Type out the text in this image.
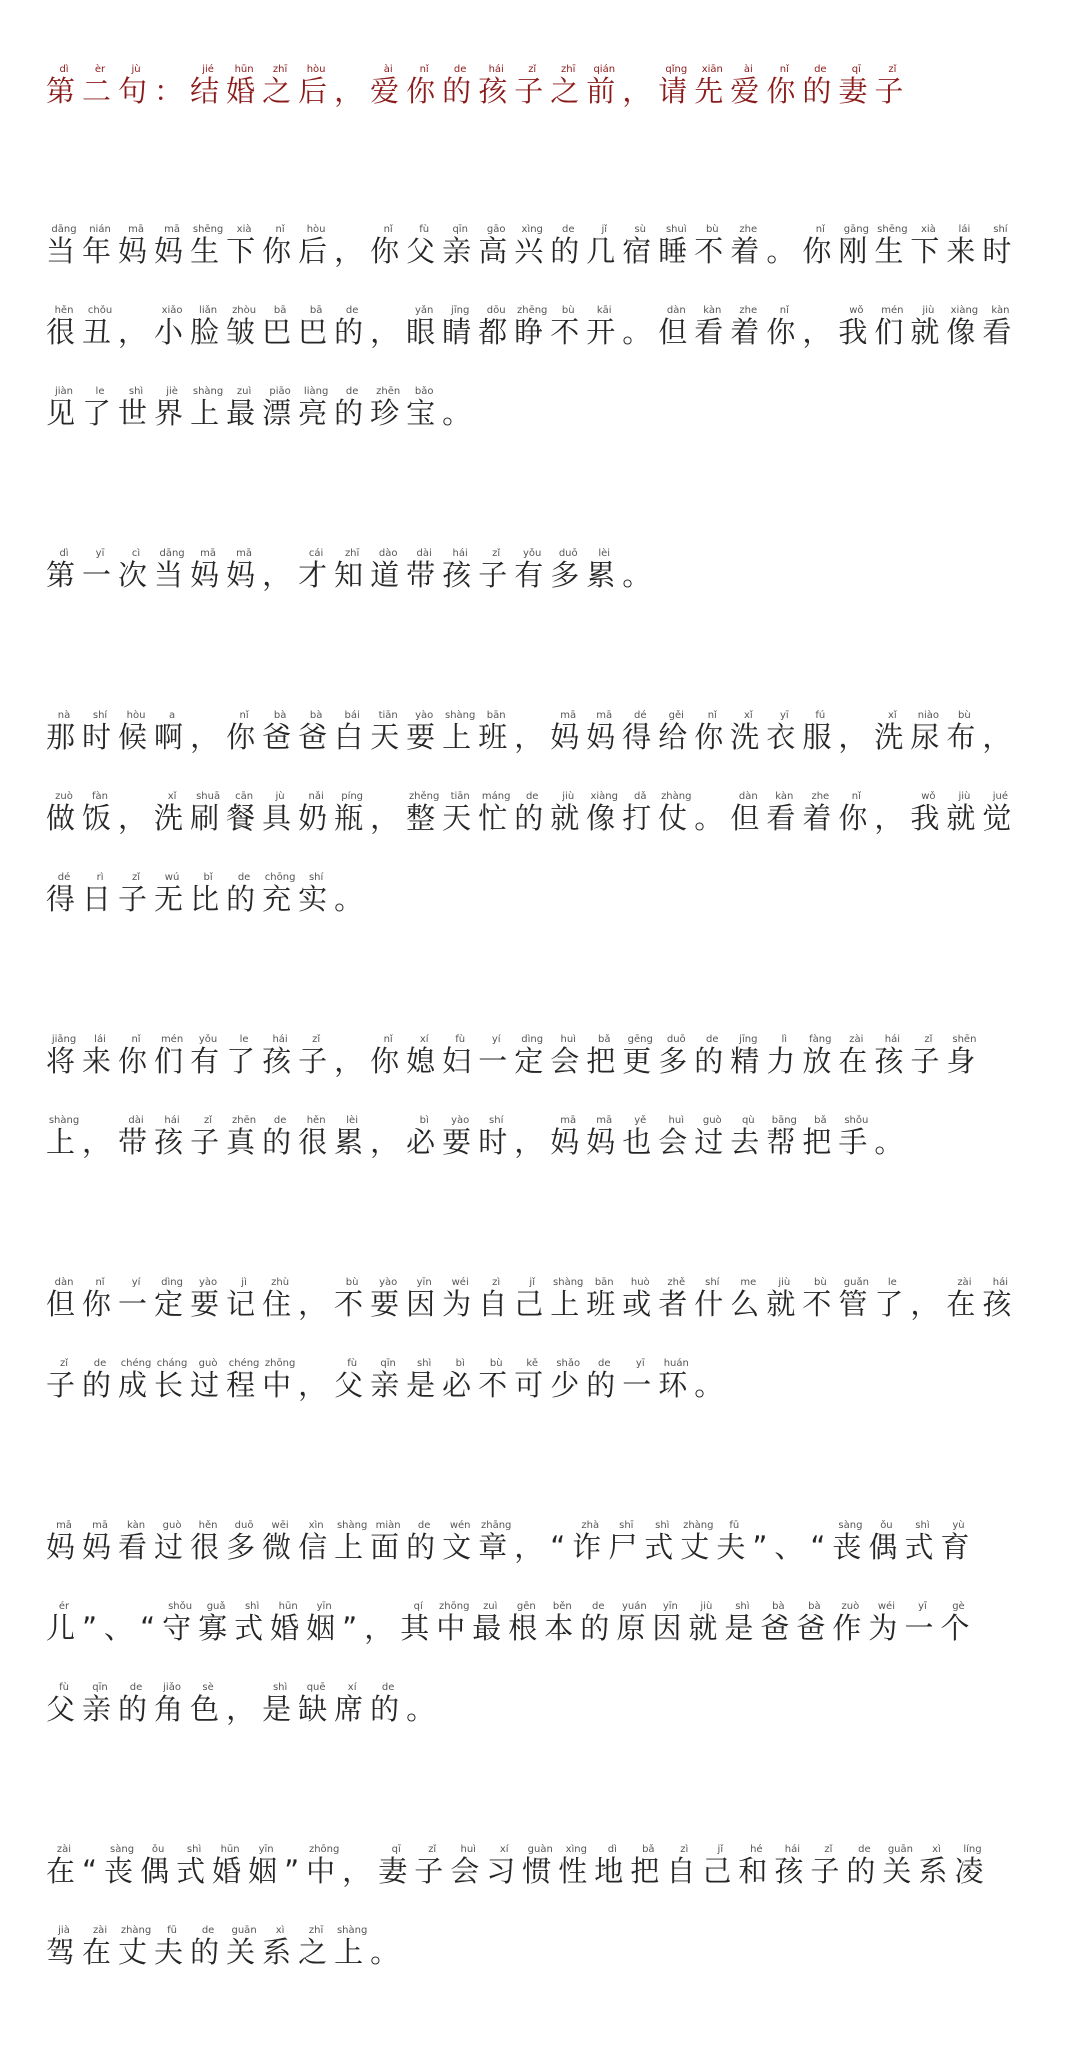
第dì二èr句jù： 结jié婚hūn之zhī后hòu， 爱ài你nǐ的de孩hái子zǐ之zhī前qián， 请qǐng先xiān爱ài你nǐ的de妻qī子zǐ
当dāng年nián妈mā妈mā生shēng下xià你nǐ后hòu， 你nǐ父fù亲qīn高gāo兴xìng的de几jǐ宿sù睡shuì不bù着zhe。 你nǐ刚gāng生shēng下xià来lái时shí
很hěn丑chǒu， 小xiǎo脸liǎn皱zhòu巴bā巴bā的de， 眼yǎn睛jīng都dōu睁zhēng不bù开kāi。 但dàn看kàn着zhe你nǐ， 我wǒ们mén就jiù像xiàng看kàn
见jiàn了le世shì界jiè上shàng最zuì漂piāo亮liàng的de珍zhēn宝bǎo。
第dì一yī次cì当dāng妈mā妈mā， 才cái知zhī道dào带dài孩hái子zǐ有yǒu多duō累lèi。
那nà时shí候hòu啊a， 你nǐ爸bà爸bà白bái天tiān要yào上shàng班bān， 妈mā妈mā得dé给gěi你nǐ洗xǐ衣yī服fú， 洗xǐ尿niào布bù，
做zuò饭fàn， 洗xǐ刷shuā餐cān具jù奶nǎi瓶píng， 整zhěng天tiān忙máng的de就jiù像xiàng打dǎ仗zhàng。 但dàn看kàn着zhe你nǐ， 我wǒ就jiù觉jué
得dé日rì子zǐ无wú比bǐ的de充chōng实shí。
将jiāng来lái你nǐ们mén有yǒu了le孩hái子zǐ， 你nǐ媳xí妇fù一yí定dìng会huì把bǎ更gēng多duō的de精jīng力lì放fàng在zài孩hái子zǐ身shēn
上shàng， 带dài孩hái子zǐ真zhēn的de很hěn累lèi， 必bì要yào时shí， 妈mā妈mā也yě会huì过guò去qù帮bāng把bǎ手shǒu。
但dàn你nǐ一yí定dìng要yào记jì住zhù， 不bù要yào因yīn为wéi自zì己jǐ上shàng班bān或huò者zhě什shí么me就jiù不bù管guǎn了le， 在zài孩hái
子zǐ的de成chéng长cháng过guò程chéng中zhōng， 父fù亲qīn是shì必bì不bù可kě少shǎo的de一yī环huán。
妈mā妈mā看kàn过guò很hěn多duō微wēi信xìn上shàng面miàn的de文wén章zhāng， “ 诈zhà尸shī式shì丈zhàng夫fū” 、 “ 丧sàng偶ǒu式shì育yù
儿ér” 、 “ 守shǒu寡guǎ式shì婚hūn姻yīn” ， 其qí中zhōng最zuì根gēn本běn的de原yuán因yīn就jiù是shì爸bà爸bà作zuò为wéi一yī个gè
父fù亲qīn的de角jiǎo色sè， 是shì缺quē席xí的de。
在zài“ 丧sàng偶ǒu式shì婚hūn姻yīn” 中zhōng， 妻qī子zǐ会huì习xí惯guàn性xìng地dì把bǎ自zì己jǐ和hé孩hái子zǐ的de关guān系xì凌líng
驾jià在zài丈zhàng夫fū的de关guān系xì之zhī上shàng。
